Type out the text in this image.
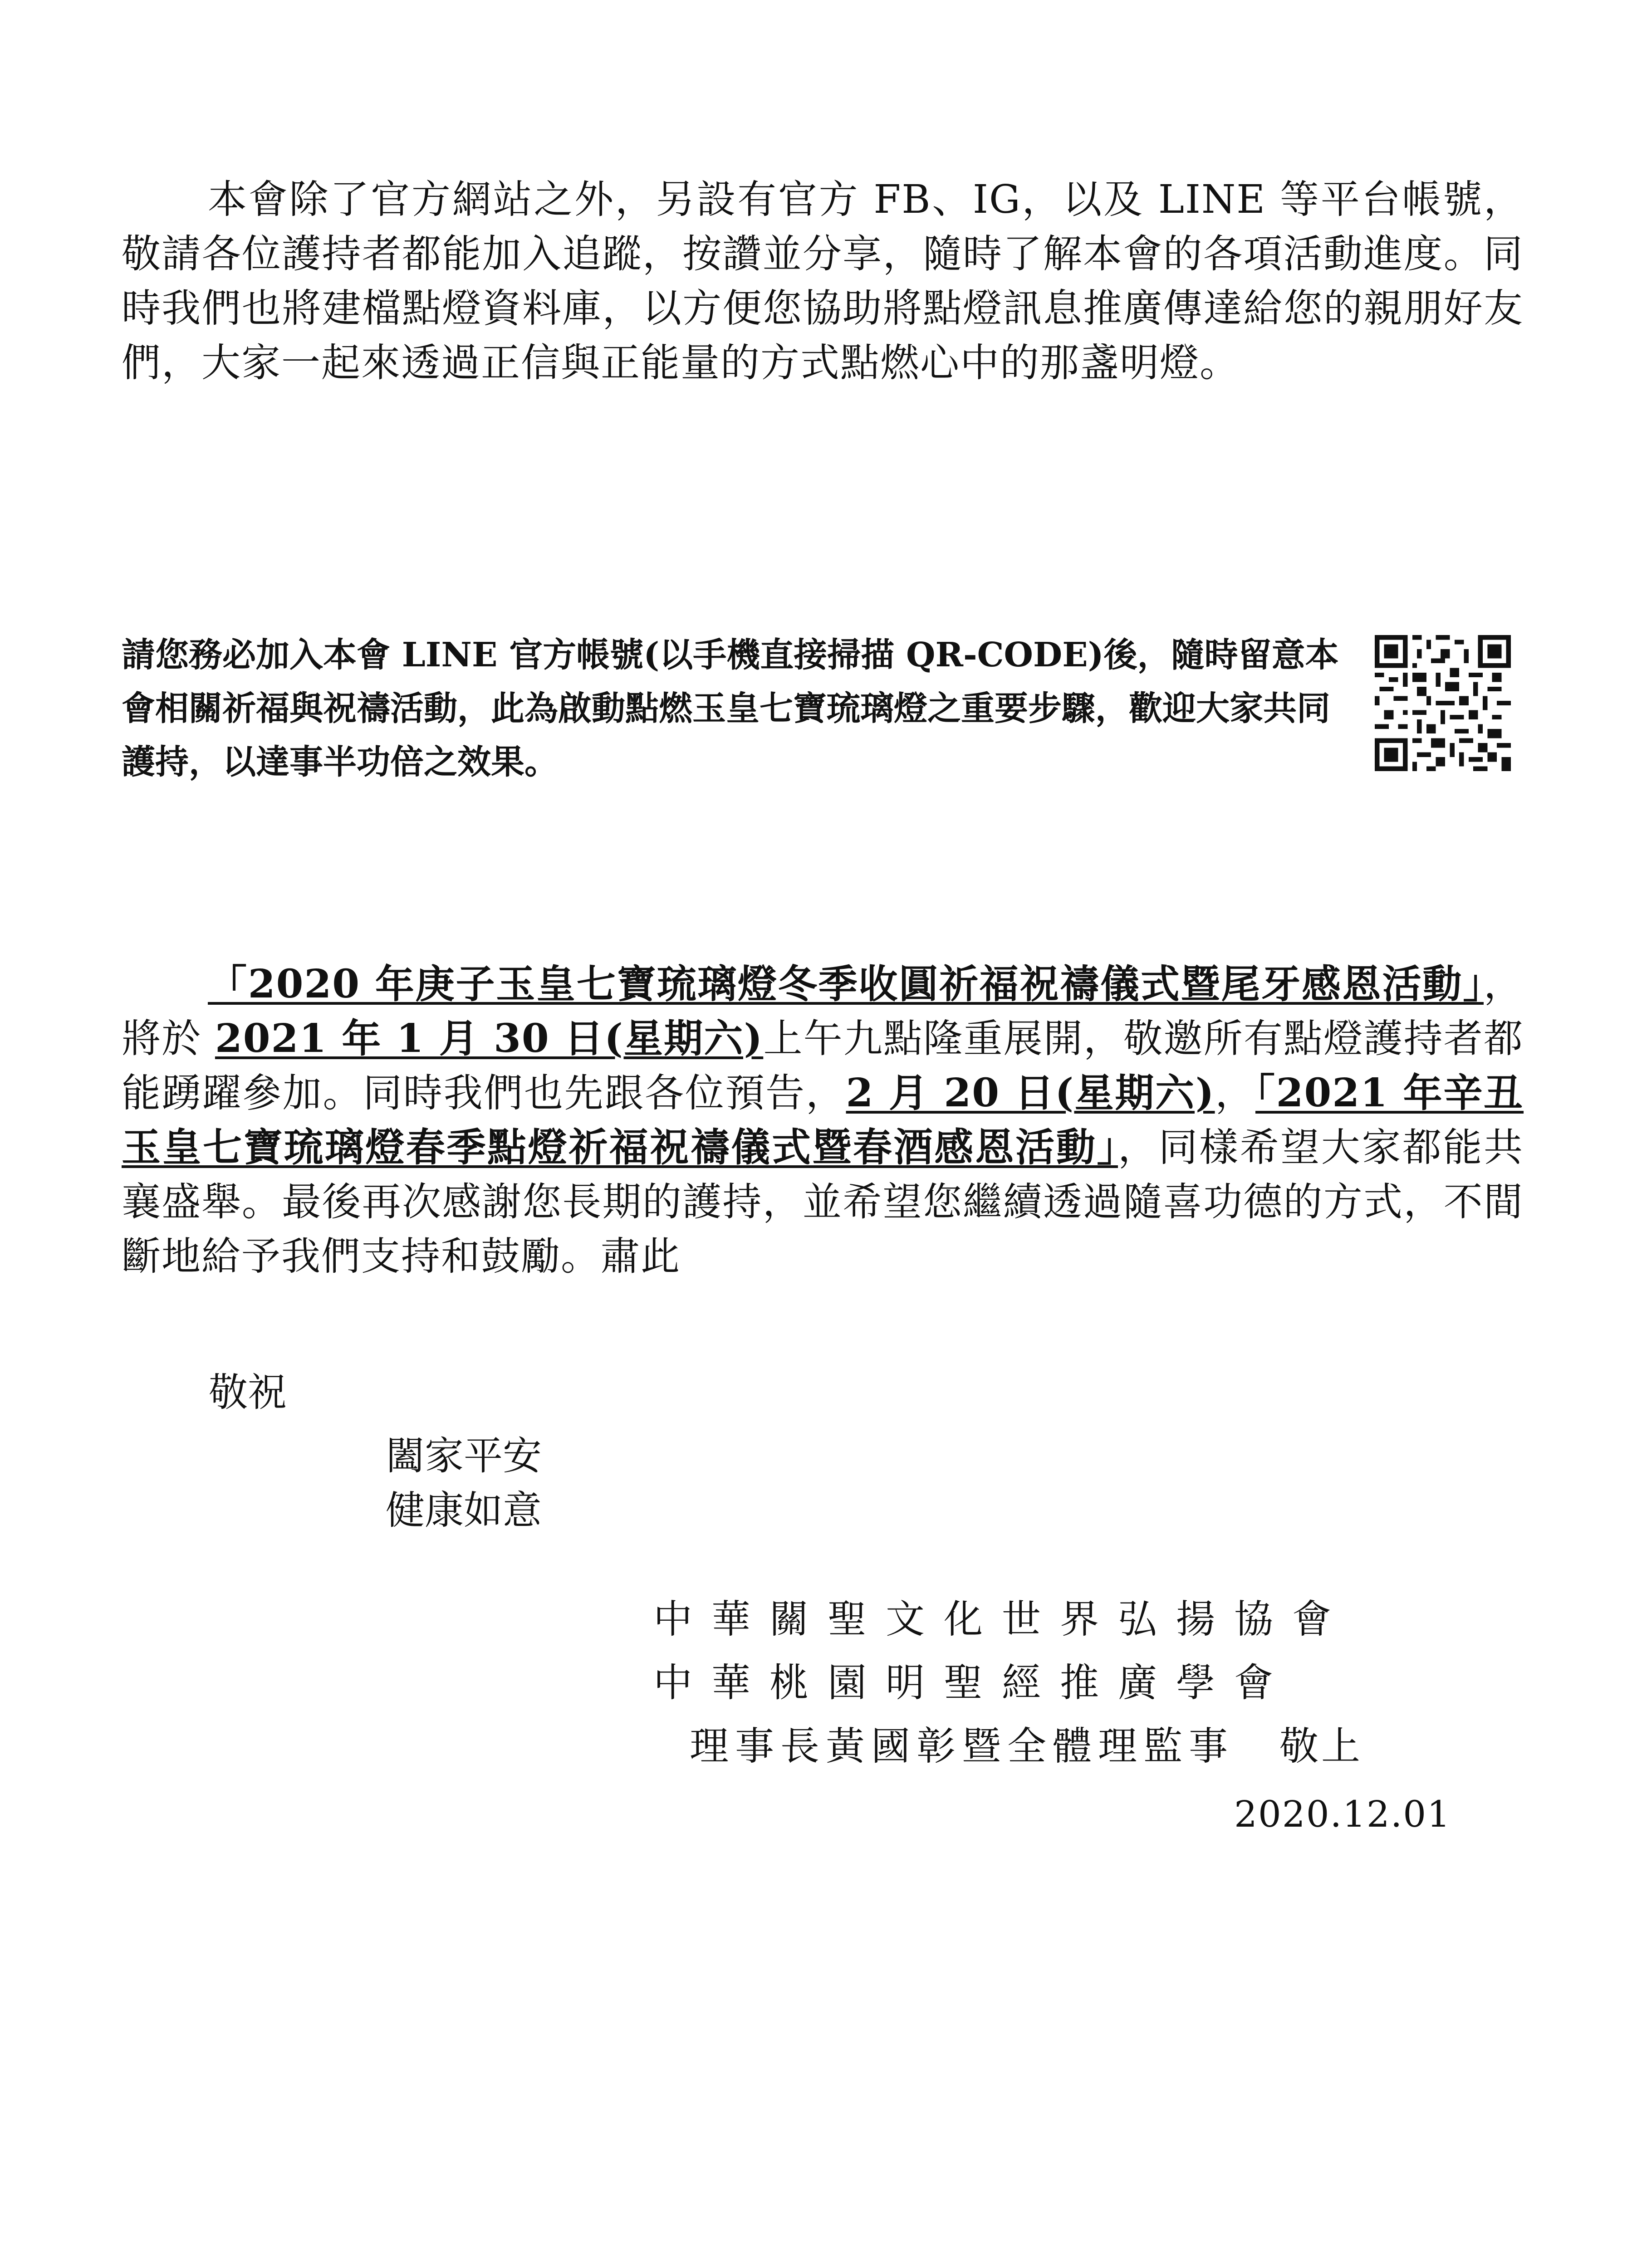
本會除了官方網站之外，另設有官方 FB、IG，以及 LINE 等平台帳號，敬請各位護持者都能加入追蹤，按讚並分享，隨時了解本會的各項活動進度。同時我們也將建檔點燈資料庫，以方便您協助將點燈訊息推廣傳達給您的親朋好友們，大家一起來透過正信與正能量的方式點燃心中的那盞明燈。

請您務必加入本會 LINE 官方帳號(以手機直接掃描 QR-CODE)後，隨時留意本會相關祈福與祝禱活動，此為啟動點燃玉皇七寶琉璃燈之重要步驟，歡迎大家共同護持，以達事半功倍之效果。

「2020 年庚子玉皇七寶琉璃燈冬季收圓祈福祝禱儀式暨尾牙感恩活動」，將於 2021 年 1 月 30 日(星期六)上午九點隆重展開，敬邀所有點燈護持者都能踴躍參加。同時我們也先跟各位預告，2 月 20 日(星期六)，「2021 年辛丑玉皇七寶琉璃燈春季點燈祈福祝禱儀式暨春酒感恩活動」，同樣希望大家都能共襄盛舉。最後再次感謝您長期的護持，並希望您繼續透過隨喜功德的方式，不間斷地給予我們支持和鼓勵。肅此

敬祝
闔家平安
健康如意
中華關聖文化世界弘揚協會
中華桃園明聖經推廣學會
理事長黃國彰暨全體理監事 敬上
2020.12.01
